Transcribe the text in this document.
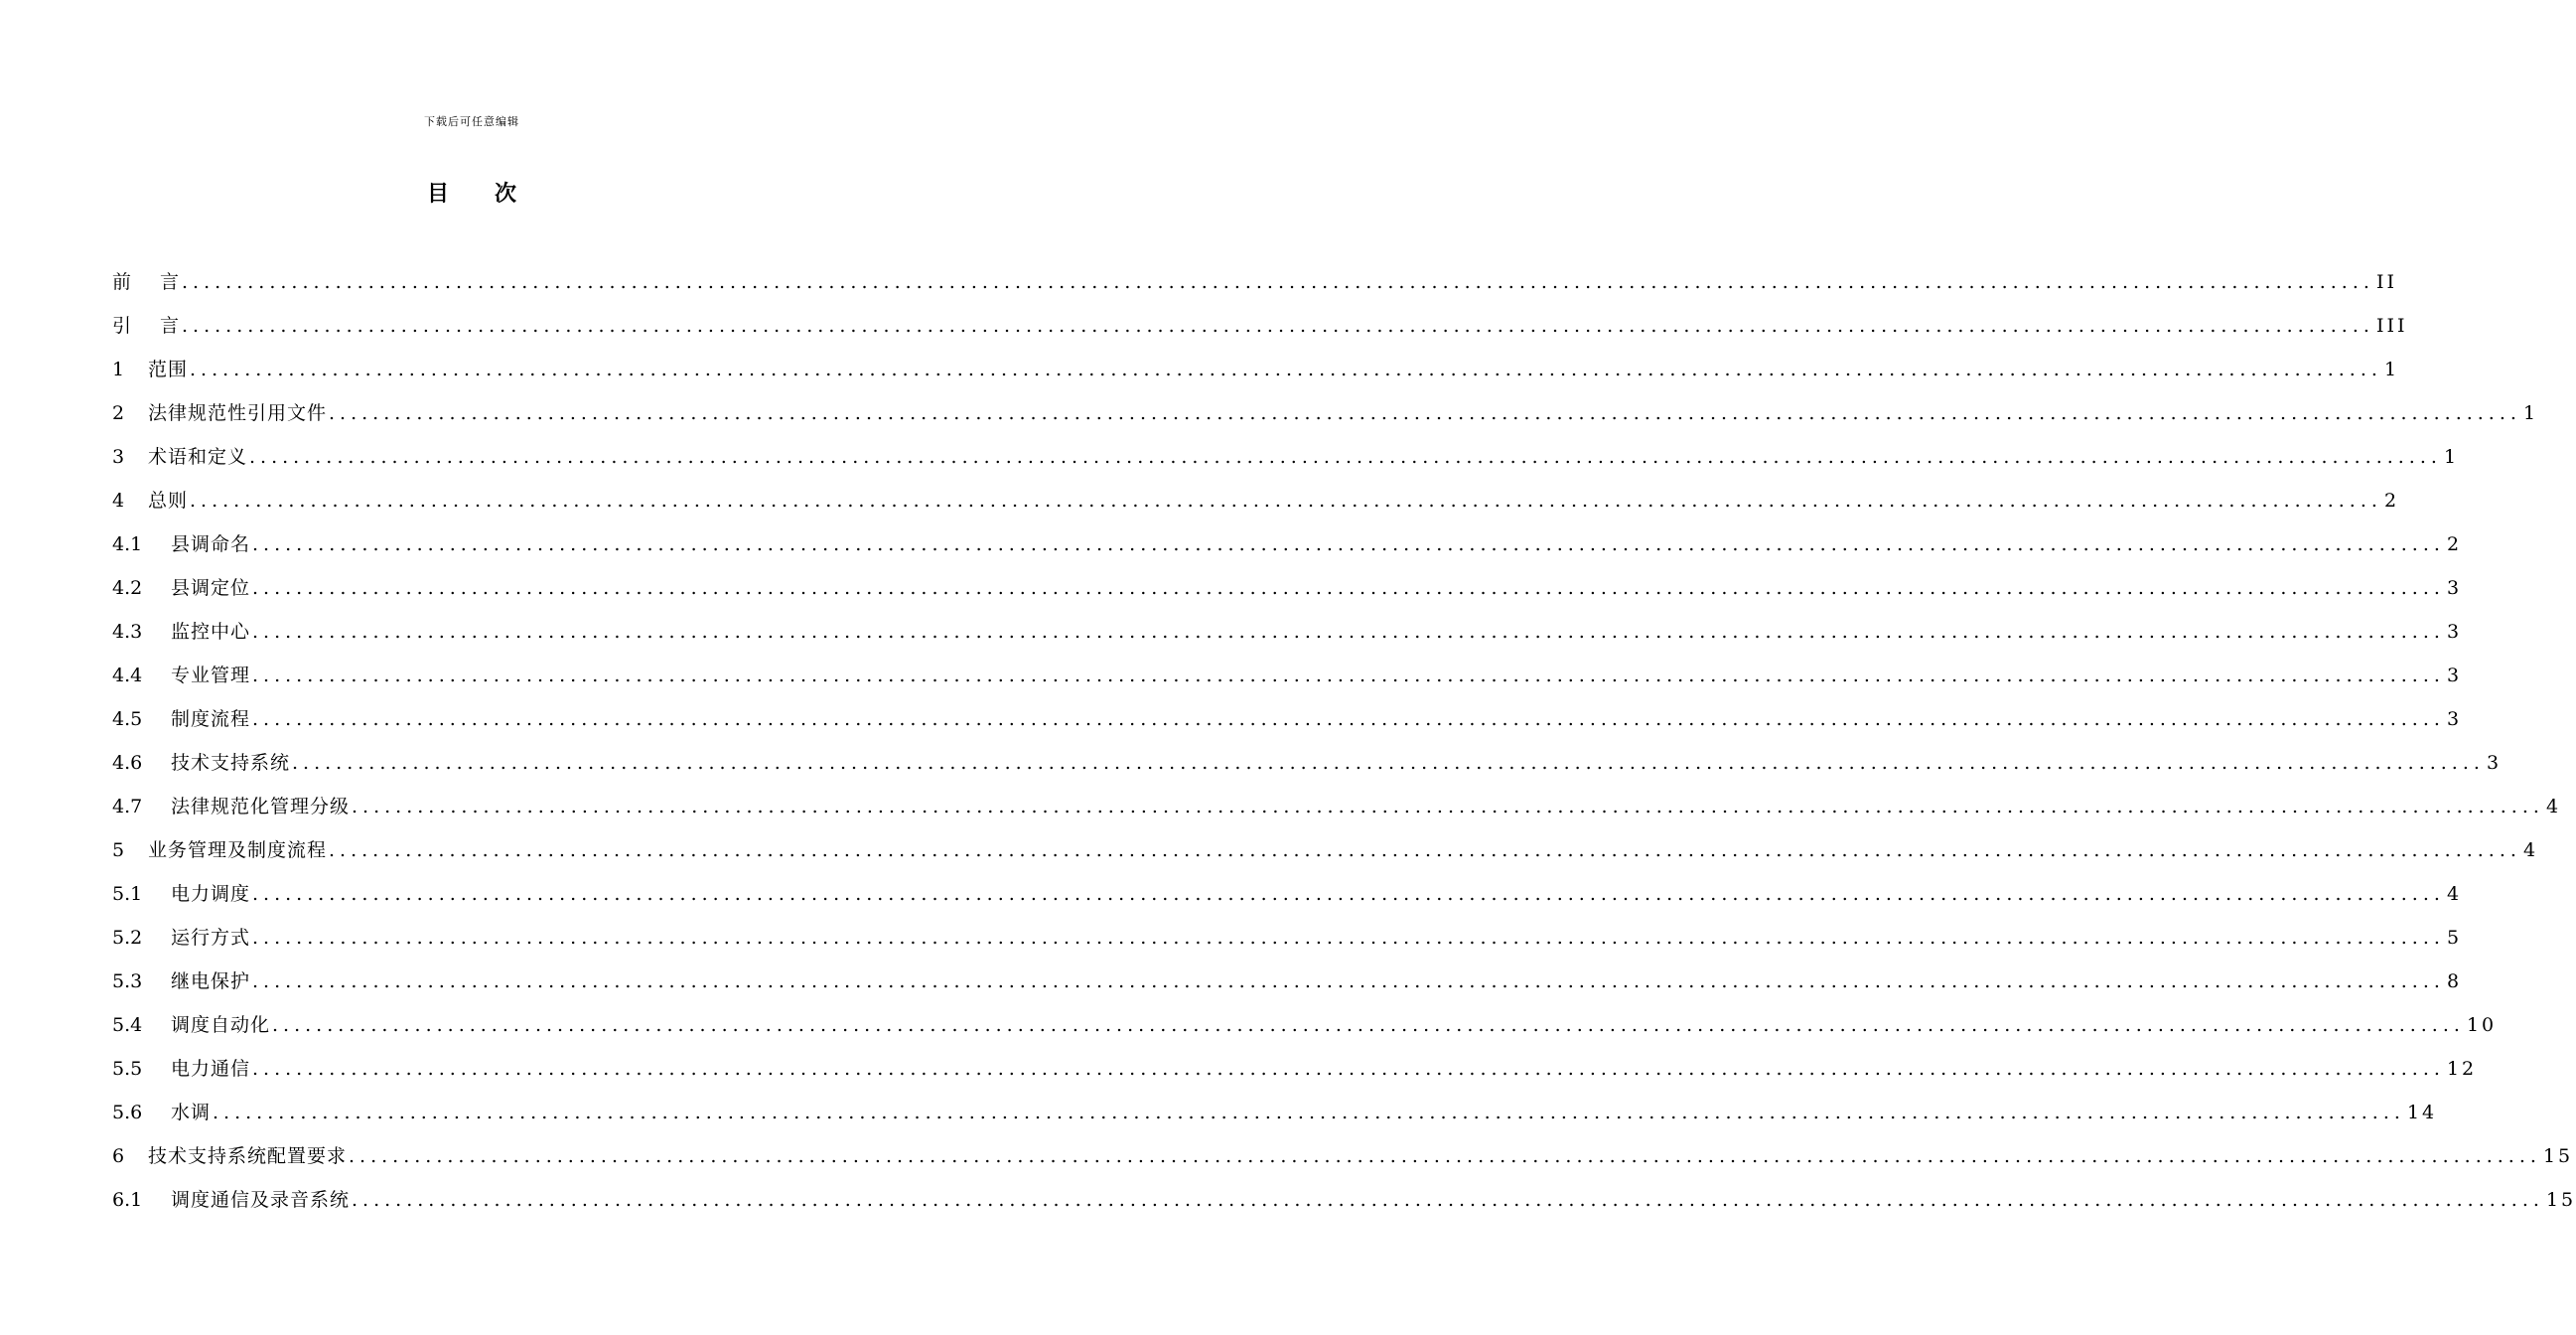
下载后可任意编辑
目次
前	言 ........................................................................................................................................................................................................ II
引	言 ........................................................................................................................................................................................................ III
1	范围 ........................................................................................................................................................................................................ 1
2	法律规范性引用文件 ........................................................................................................................................................................................................ 1
3	术语和定义 ........................................................................................................................................................................................................ 1
4	总则 ........................................................................................................................................................................................................ 2
4.1	县调命名 ........................................................................................................................................................................................................ 2
4.2	县调定位 ........................................................................................................................................................................................................ 3
4.3	监控中心 ........................................................................................................................................................................................................ 3
4.4	专业管理 ........................................................................................................................................................................................................ 3
4.5	制度流程 ........................................................................................................................................................................................................ 3
4.6	技术支持系统 ........................................................................................................................................................................................................ 3
4.7	法律规范化管理分级 ........................................................................................................................................................................................................ 4
5	业务管理及制度流程 ........................................................................................................................................................................................................ 4
5.1	电力调度 ........................................................................................................................................................................................................ 4
5.2	运行方式 ........................................................................................................................................................................................................ 5
5.3	继电保护 ........................................................................................................................................................................................................ 8
5.4	调度自动化 ........................................................................................................................................................................................................ 10
5.5	电力通信 ........................................................................................................................................................................................................ 12
5.6	水调 ........................................................................................................................................................................................................ 14
6	技术支持系统配置要求 ........................................................................................................................................................................................................ 15
6.1	调度通信及录音系统 ........................................................................................................................................................................................................ 15
